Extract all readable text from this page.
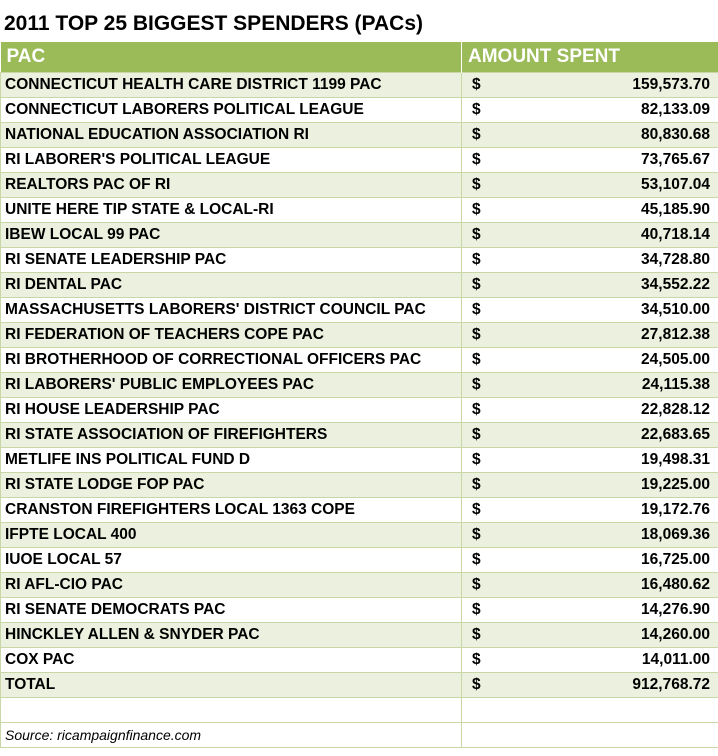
2011 TOP 25 BIGGEST SPENDERS (PACs)
PAC	AMOUNT SPENT
CONNECTICUT HEALTH CARE DISTRICT 1199 PAC	$ 159,573.70

CONNECTICUT LABORERS POLITICAL LEAGUE	$ 82,133.09

NATIONAL EDUCATION ASSOCIATION RI	$ 80,830.68

RI LABORER'S POLITICAL LEAGUE	$ 73,765.67

REALTORS PAC OF RI	$ 53,107.04

UNITE HERE TIP STATE & LOCAL-RI	$ 45,185.90

IBEW LOCAL 99 PAC	$ 40,718.14

RI SENATE LEADERSHIP PAC	$ 34,728.80

RI DENTAL PAC	$ 34,552.22

MASSACHUSETTS LABORERS' DISTRICT COUNCIL PAC	$ 34,510.00

RI FEDERATION OF TEACHERS COPE PAC	$ 27,812.38

RI BROTHERHOOD OF CORRECTIONAL OFFICERS PAC	$ 24,505.00

RI LABORERS' PUBLIC EMPLOYEES PAC	$ 24,115.38

RI HOUSE LEADERSHIP PAC	$ 22,828.12

RI STATE ASSOCIATION OF FIREFIGHTERS	$ 22,683.65

METLIFE INS POLITICAL FUND D	$ 19,498.31

RI STATE LODGE FOP PAC	$ 19,225.00

CRANSTON FIREFIGHTERS LOCAL 1363 COPE	$ 19,172.76

IFPTE LOCAL 400	$ 18,069.36

IUOE LOCAL 57	$ 16,725.00

RI AFL-CIO PAC	$ 16,480.62

RI SENATE DEMOCRATS PAC	$ 14,276.90

HINCKLEY ALLEN & SNYDER PAC	$ 14,260.00

COX PAC	$ 14,011.00

TOTAL	$ 912,768.72

Source: ricampaignfinance.com	
